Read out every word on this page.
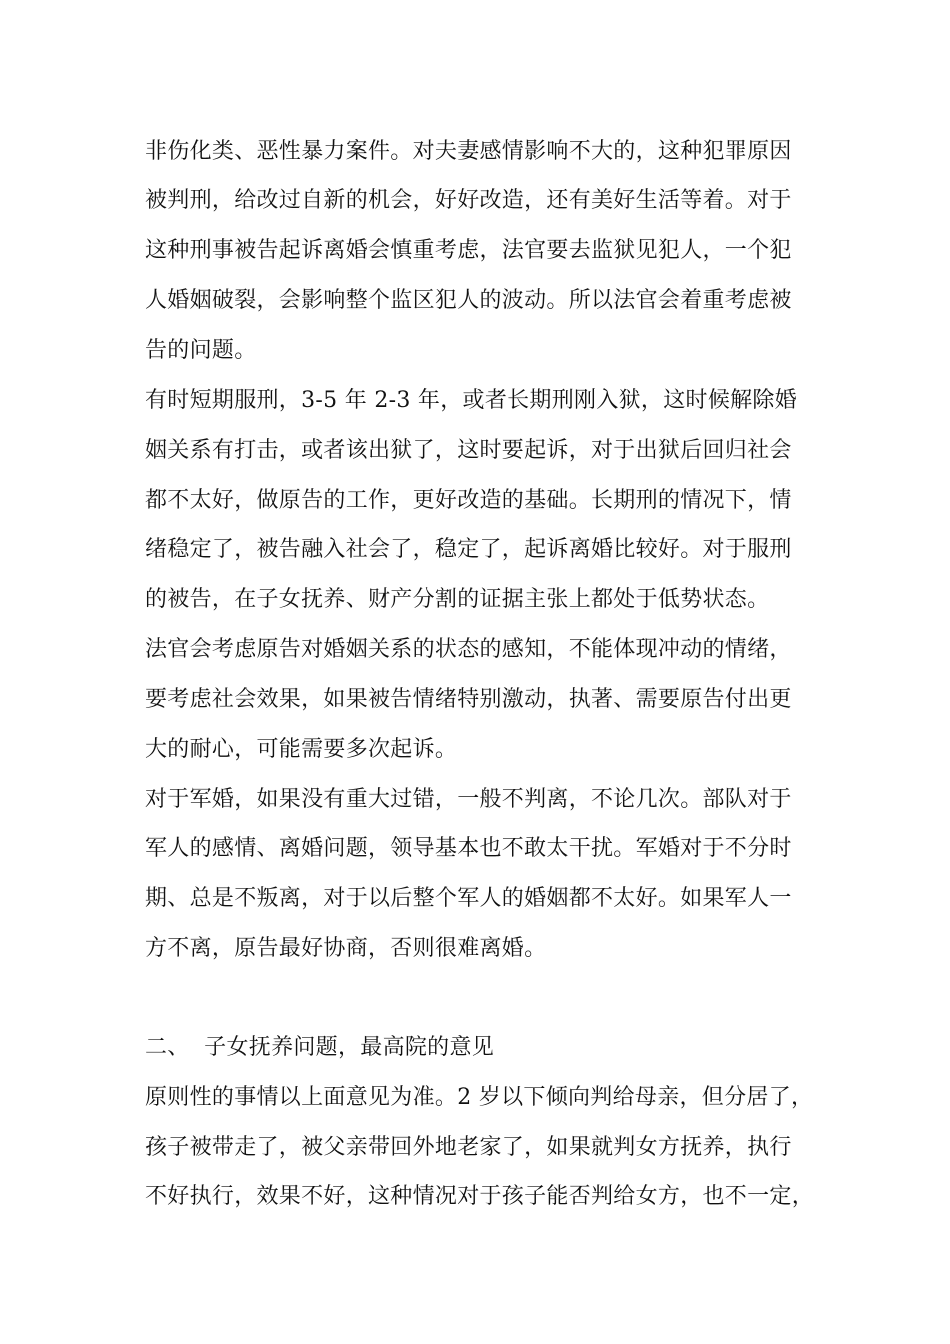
非伤化类、恶性暴力案件。对夫妻感情影响不大的，这种犯罪原因
被判刑，给改过自新的机会，好好改造，还有美好生活等着。对于
这种刑事被告起诉离婚会慎重考虑，法官要去监狱见犯人，一个犯
人婚姻破裂，会影响整个监区犯人的波动。所以法官会着重考虑被
告的问题。
有时短期服刑，3-5 年 2-3 年，或者长期刑刚入狱，这时候解除婚
姻关系有打击，或者该出狱了，这时要起诉，对于出狱后回归社会
都不太好，做原告的工作，更好改造的基础。长期刑的情况下，情
绪稳定了，被告融入社会了，稳定了，起诉离婚比较好。对于服刑
的被告，在子女抚养、财产分割的证据主张上都处于低势状态。
法官会考虑原告对婚姻关系的状态的感知，不能体现冲动的情绪，
要考虑社会效果，如果被告情绪特别激动，执著、需要原告付出更
大的耐心，可能需要多次起诉。
对于军婚，如果没有重大过错，一般不判离，不论几次。部队对于
军人的感情、离婚问题，领导基本也不敢太干扰。军婚对于不分时
期、总是不叛离，对于以后整个军人的婚姻都不太好。如果军人一
方不离，原告最好协商，否则很难离婚。
二、  子女抚养问题，最高院的意见
原则性的事情以上面意见为准。2 岁以下倾向判给母亲，但分居了，
孩子被带走了，被父亲带回外地老家了，如果就判女方抚养，执行
不好执行，效果不好，这种情况对于孩子能否判给女方，也不一定，
